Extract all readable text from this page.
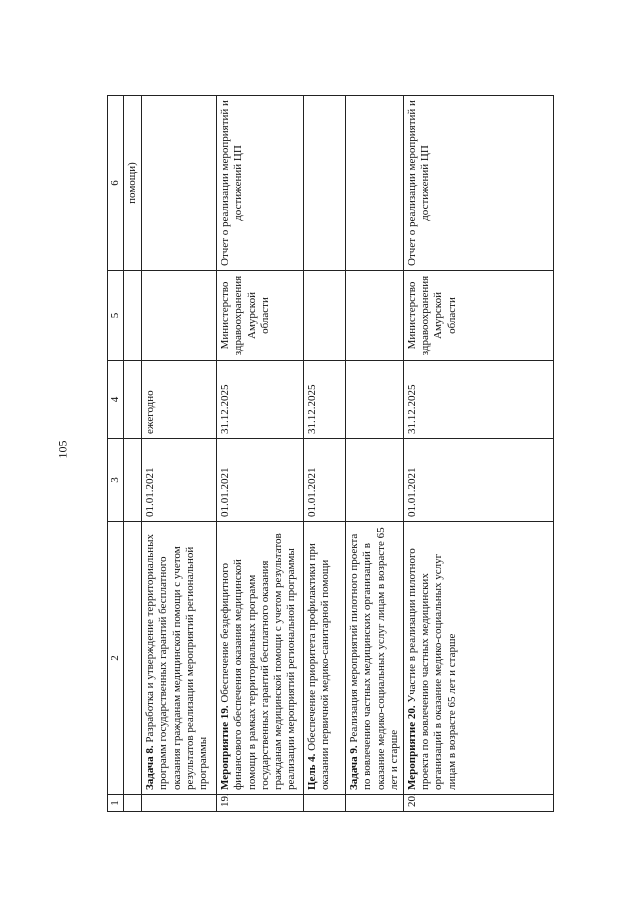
105
1	2	3	4	5	6
					помощи)
	Задача 8. Разработка и утверждение территориальных программ государственных гарантий бесплатного оказания гражданам медицинской помощи с учетом результатов реализации мероприятий региональной программы	01.01.2021	ежегодно		
19.	Мероприятие 19. Обеспечение бездефицитного финансового обеспечения оказания медицинской помощи в рамках территориальных программ государственных гарантий бесплатного оказания гражданам медицинской помощи с учетом результатов реализации мероприятий региональной программы	01.01.2021	31.12.2025	Министерство здравоохранения Амурской области	Отчет о реализации мероприятий и достижений ЦП
	Цель 4. Обеспечение приоритета профилактики при оказании первичной медико-санитарной помощи	01.01.2021	31.12.2025		
	Задача 9. Реализация мероприятий пилотного проекта по вовлечению частных медицинских организаций в оказание медико-социальных услуг лицам в возрасте 65 лет и старше				
20.	Мероприятие 20. Участие в реализации пилотного проекта по вовлечению частных медицинских организаций в оказание медико-социальных услуг лицам в возрасте 65 лет и старше	01.01.2021	31.12.2025	Министерство здравоохранения Амурской области	Отчет о реализации мероприятий и достижений ЦП
